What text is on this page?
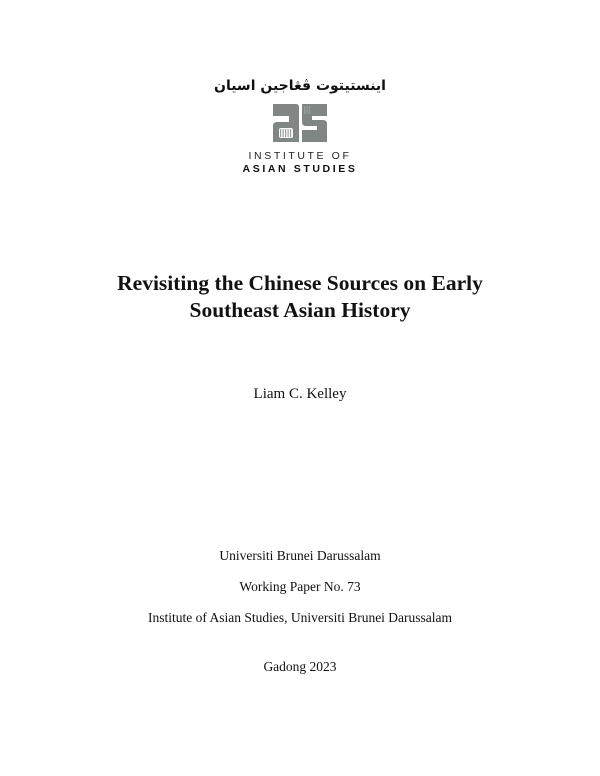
اينستيتوت ڤڠاجين اسيان
INSTITUTE OF
ASIAN STUDIES
Revisiting the Chinese Sources on Early
Southeast Asian History
Liam C. Kelley
Universiti Brunei Darussalam
Working Paper No. 73
Institute of Asian Studies, Universiti Brunei Darussalam
Gadong 2023
